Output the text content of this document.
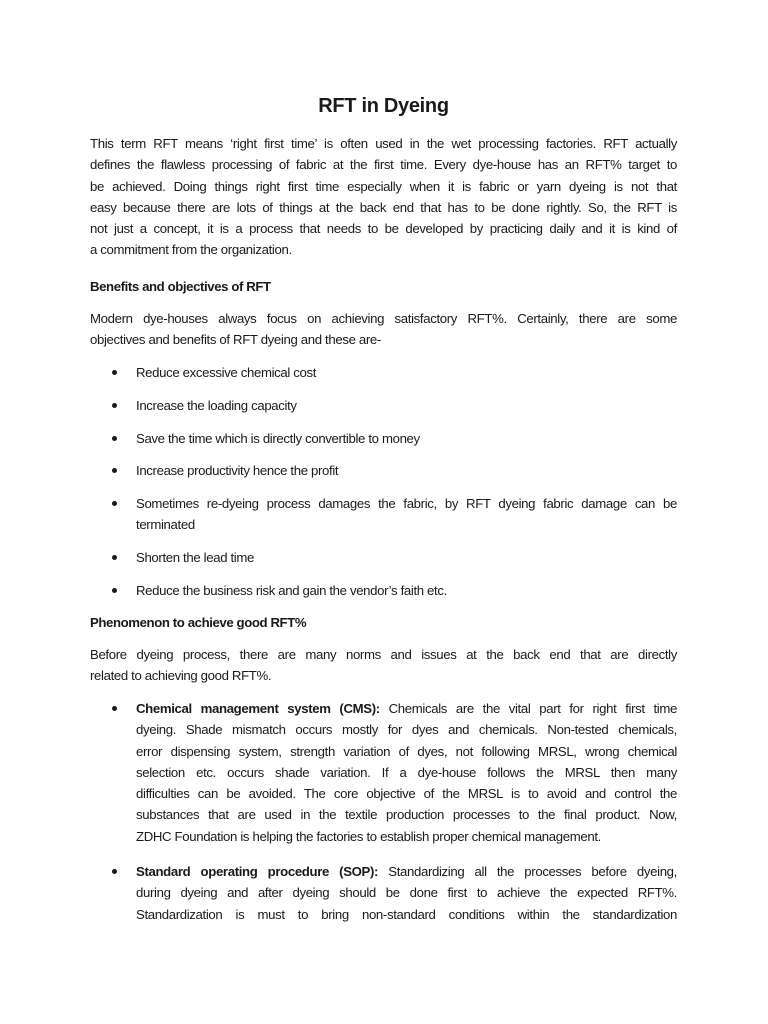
RFT in Dyeing

This term RFT means ‘right first time’ is often used in the wet processing factories. RFT actually
defines the flawless processing of fabric at the first time. Every dye-house has an RFT% target to
be achieved. Doing things right first time especially when it is fabric or yarn dyeing is not that
easy because there are lots of things at the back end that has to be done rightly. So, the RFT is
not just a concept, it is a process that needs to be developed by practicing daily and it is kind of
a commitment from the organization.

Benefits and objectives of RFT

Modern dye-houses always focus on achieving satisfactory RFT%. Certainly, there are some
objectives and benefits of RFT dyeing and these are-

Reduce excessive chemical cost
Increase the loading capacity
Save the time which is directly convertible to money
Increase productivity hence the profit
Sometimes re-dyeing process damages the fabric, by RFT dyeing fabric damage can be
terminated
Shorten the lead time
Reduce the business risk and gain the vendor’s faith etc.
Phenomenon to achieve good RFT%

Before dyeing process, there are many norms and issues at the back end that are directly
related to achieving good RFT%.

Chemical management system (CMS): Chemicals are the vital part for right first time
dyeing. Shade mismatch occurs mostly for dyes and chemicals. Non-tested chemicals,
error dispensing system, strength variation of dyes, not following MRSL, wrong chemical
selection etc. occurs shade variation. If a dye-house follows the MRSL then many
difficulties can be avoided. The core objective of the MRSL is to avoid and control the
substances that are used in the textile production processes to the final product. Now,
ZDHC Foundation is helping the factories to establish proper chemical management.
Standard operating procedure (SOP): Standardizing all the processes before dyeing,
during dyeing and after dyeing should be done first to achieve the expected RFT%.
Standardization is must to bring non-standard conditions within the standardization
